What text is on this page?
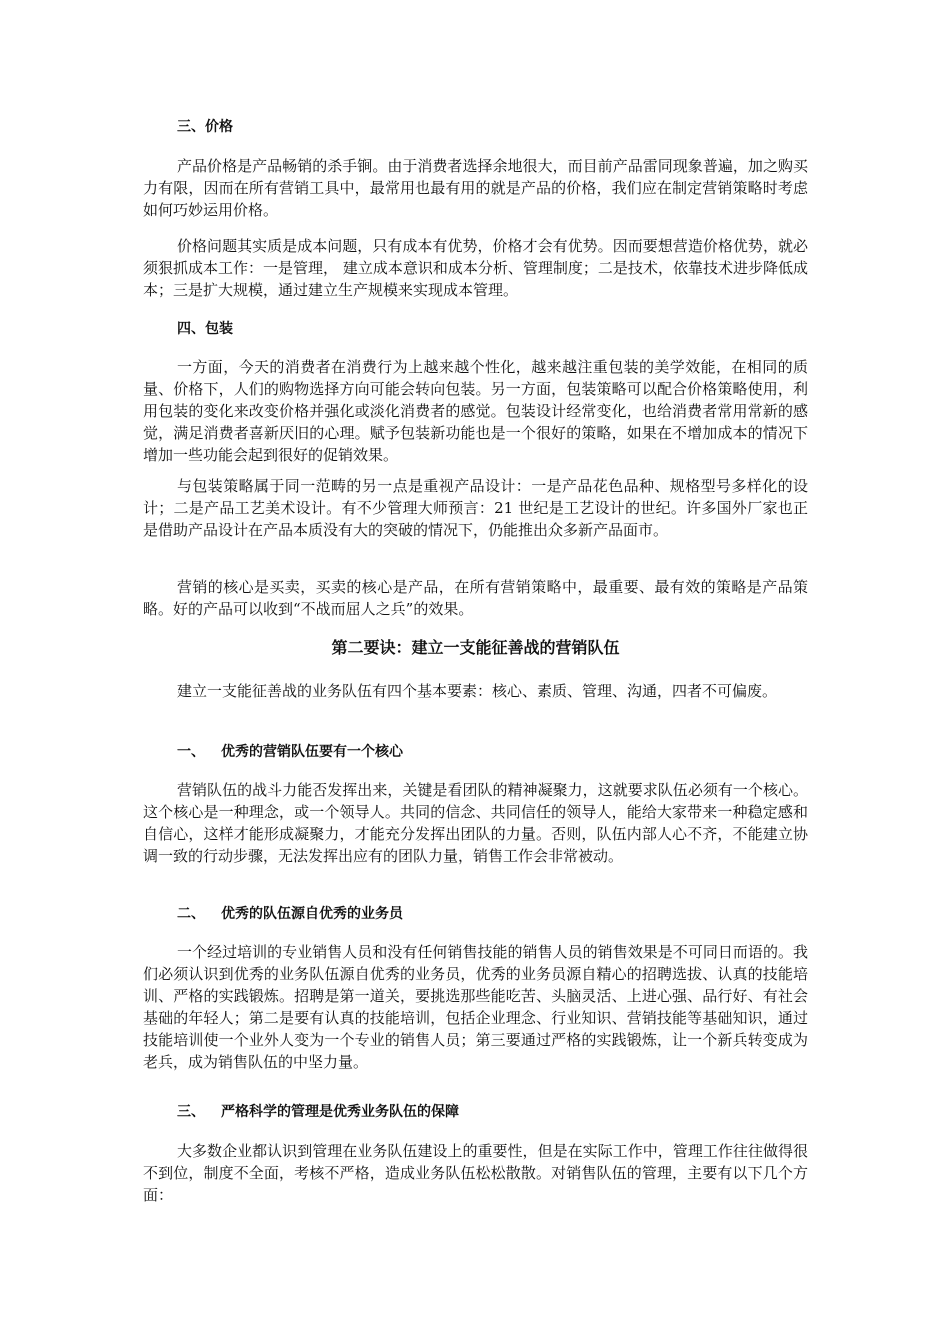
三、价格

产品价格是产品畅销的杀手锏。由于消费者选择余地很大，而目前产品雷同现象普遍，加之购买力有限，因而在所有营销工具中，最常用也最有用的就是产品的价格，我们应在制定营销策略时考虑如何巧妙运用价格。

价格问题其实质是成本问题，只有成本有优势，价格才会有优势。因而要想营造价格优势，就必须狠抓成本工作：一是管理， 建立成本意识和成本分析、管理制度；二是技术，依靠技术进步降低成本；三是扩大规模，通过建立生产规模来实现成本管理。

四、包装

一方面，今天的消费者在消费行为上越来越个性化，越来越注重包装的美学效能，在相同的质量、价格下，人们的购物选择方向可能会转向包装。另一方面，包装策略可以配合价格策略使用，利用包装的变化来改变价格并强化或淡化消费者的感觉。包装设计经常变化，也给消费者常用常新的感觉，满足消费者喜新厌旧的心理。赋予包装新功能也是一个很好的策略，如果在不增加成本的情况下增加一些功能会起到很好的促销效果。

与包装策略属于同一范畴的另一点是重视产品设计：一是产品花色品种、规格型号多样化的设计；二是产品工艺美术设计。有不少管理大师预言：21 世纪是工艺设计的世纪。许多国外厂家也正是借助产品设计在产品本质没有大的突破的情况下，仍能推出众多新产品面市。

营销的核心是买卖，买卖的核心是产品，在所有营销策略中，最重要、最有效的策略是产品策略。好的产品可以收到“不战而屈人之兵”的效果。

第二要诀：建立一支能征善战的营销队伍

建立一支能征善战的业务队伍有四个基本要素：核心、素质、管理、沟通，四者不可偏废。

一、 优秀的营销队伍要有一个核心

营销队伍的战斗力能否发挥出来，关键是看团队的精神凝聚力，这就要求队伍必须有一个核心。这个核心是一种理念，或一个领导人。共同的信念、共同信任的领导人，能给大家带来一种稳定感和自信心，这样才能形成凝聚力，才能充分发挥出团队的力量。否则，队伍内部人心不齐，不能建立协调一致的行动步骤，无法发挥出应有的团队力量，销售工作会非常被动。

二、 优秀的队伍源自优秀的业务员

一个经过培训的专业销售人员和没有任何销售技能的销售人员的销售效果是不可同日而语的。我们必须认识到优秀的业务队伍源自优秀的业务员，优秀的业务员源自精心的招聘选拔、认真的技能培训、严格的实践锻炼。招聘是第一道关，要挑选那些能吃苦、头脑灵活、上进心强、品行好、有社会基础的年轻人；第二是要有认真的技能培训，包括企业理念、行业知识、营销技能等基础知识，通过技能培训使一个业外人变为一个专业的销售人员；第三要通过严格的实践锻炼，让一个新兵转变成为老兵，成为销售队伍的中坚力量。

三、 严格科学的管理是优秀业务队伍的保障

大多数企业都认识到管理在业务队伍建设上的重要性，但是在实际工作中，管理工作往往做得很不到位，制度不全面，考核不严格，造成业务队伍松松散散。对销售队伍的管理，主要有以下几个方面：
